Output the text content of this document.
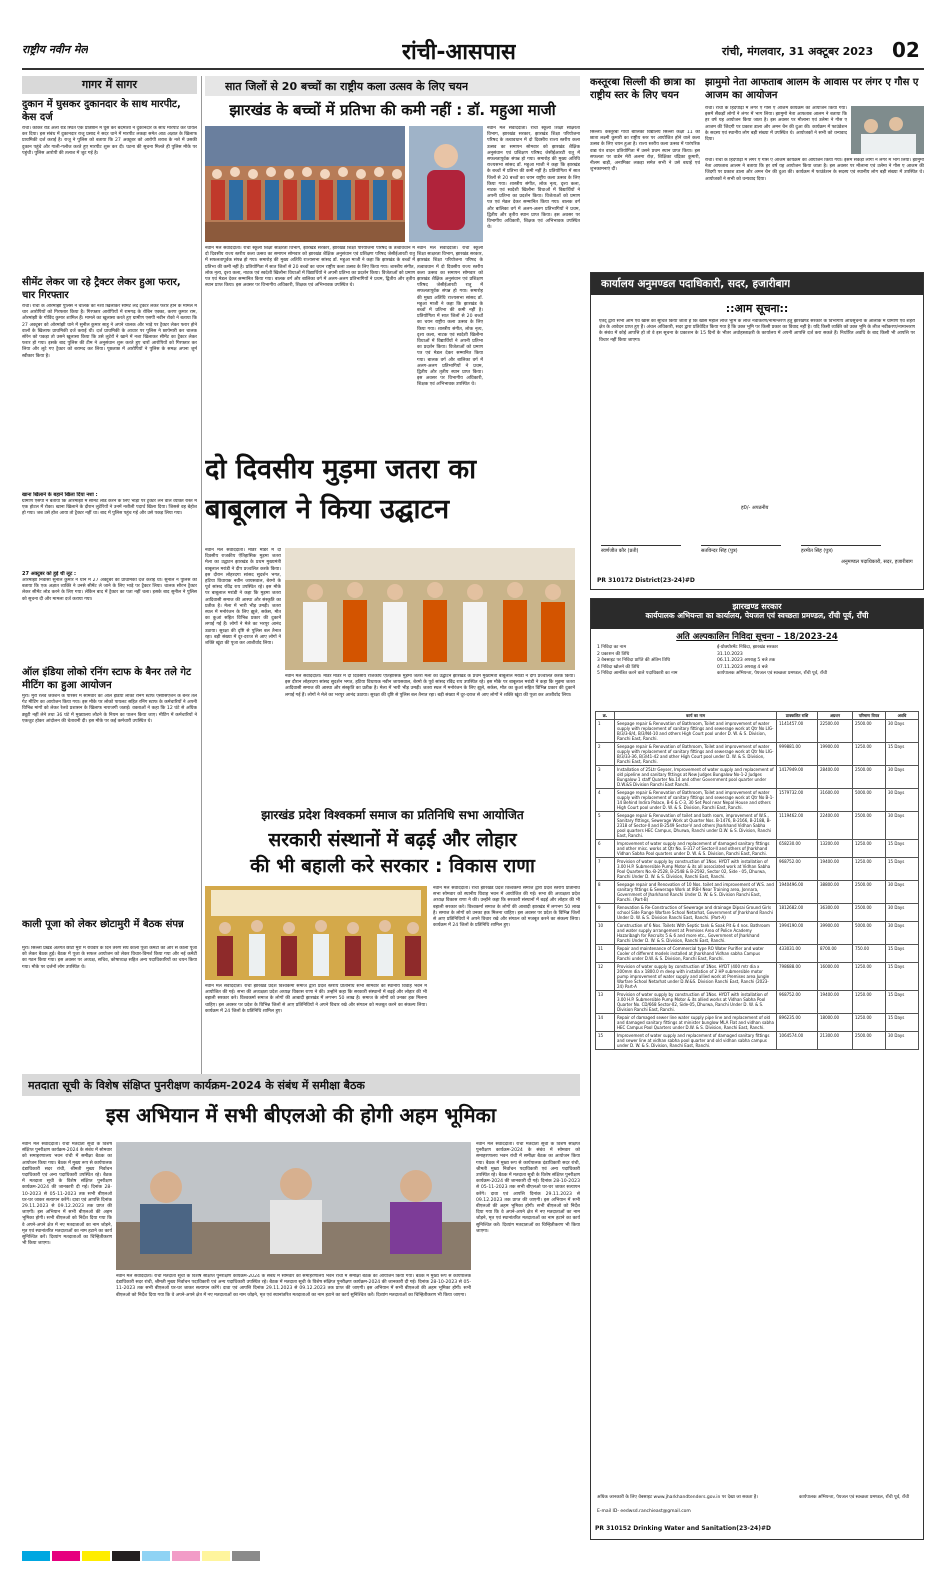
राष्ट्रीय नवीन मेल	रांची-आसपास	रांची, मंगलवार, 31 अक्टूबर 2023 02
गागर में सागर
दुकान में घुसकर दुकानदार के साथ मारपीट, केस दर्ज
रांची। कोकर रोड अली रोड स्थित एक प्रतिष्ठान में घुस कर बदमाशों ने दुकानदार के साथ मारपीट कर घायल कर दिया। इस संबंध में दुकानदार राजू प्रसाद ने सदर थाने में मारपीट लकड़ा समेत आठ अज्ञात के खिलाफ प्राथमिकी दर्ज कराई है। राजू ने पुलिस को बताया कि 27 अक्टूबर को आरोपी शराब के नशे में उसकी दुकान पहुंचे और गाली-गलौज करते हुए मारपीट शुरू कर दी। घटना की सूचना मिलते ही पुलिस मौके पर पहुंची। पुलिस आरोपी की तलाश में जुट गई है।
सीमेंट लेकर जा रहे ट्रैक्टर लेकर हुआ फरार, चार गिरफ्तार
रांची। रांची के ओरमांझी पुलिस ने चालक को नशा खिलाकर सीमेंट लदे ट्रैक्टर लेकर फरार होने के मामले में चार आरोपियों को गिरफ्तार किया है। गिरफ्तार आरोपियों में रामगढ़ के रोबिन एक्का, करण कुमार राम, ओरमांझी के गोविंद कुमार शामिल हैं। मामले का खुलासा करते हुए ग्रामीण एसपी नवीन रोको ने बताया कि 27 अक्टूबर को ओरमांझी थाने में सुनील कुमार साहू ने अपने चालक और भाड़े पर ट्रैक्टर लेकर फरार होने वालों के खिलाफ प्राथमिकी दर्ज कराई थी। दर्ज प्राथमिकी के आधार पर पुलिस ने छापेमारी कर चालक सोरेन को पकड़ा तो उसने खुलासा किया कि उसे लुटेरों ने खाने में नशा खिलाकर सीमेंट का ट्रैक्टर लेकर फरार हो गया। इसके बाद पुलिस की टीम ने अनुसंधान शुरू करते हुए चारों आरोपियों को गिरफ्तार कर लिया और लूटे गए ट्रैक्टर को बरामद कर लिया। पूछताछ में आरोपियों ने पुलिस के समक्ष अपना जुर्म स्वीकार किया है।
खाना खिलाने के बहाने खिला दिया नशा :
ग्रामीण एसपी ने बताया कि ओरमांझी में सीमेंट लोड करने के लिए भाड़ा पर ट्रैक्टर लेने वाले व्यक्ति रास्ते में एक होटल में रोका। खाना खिलाने के दौरान लुटेरियों ने उनमें नशीली पदार्थ खिला दिया। जिससे वह बेहोश हो गया। जब उसे होश आया तो ट्रैक्टर नहीं था। बाद में पुलिस पहुंच गई और उसे पकड़ लिया गया।
27 अक्टूबर को हुई थी लूट :
ओरमांझी निवासी सुनील कुमार ने थाने में 27 अक्टूबर को प्राथमिकी दर्ज कराई थी। सुनील ने पुलिस को बताया कि एक अज्ञात व्यक्ति ने उनसे सीमेंट ले जाने के लिए भाड़े पर ट्रैक्टर लिया। चालक सौरभ ट्रैक्टर लेकर सीमेंट लोड करने के लिए गया। लेकिन बाद में ट्रैक्टर का पता नहीं चला। इसके बाद सुनील ने पुलिस को सूचना दी और मामला दर्ज कराया गया।
ऑल इंडिया लोको रनिंग स्टाफ के बैनर तले गेट मीटिंग का हुआ आयोजन
मुरी। मुरी रेलवे जंक्शन के परिसर में सोमवार को ऑल इंडिया लोको रनिंग स्टाफ एसोसिएशन के बैनर तले गेट मीटिंग का आयोजन किया गया। इस मौके पर लोको पायलट सहित रनिंग स्टाफ के कर्मचारियों ने अपनी विभिन्न मांगों को लेकर रेलवे प्रशासन के खिलाफ नाराजगी जताई। वक्ताओं ने कहा कि 12 घंटे से अधिक ड्यूटी नहीं लेने तथा 36 घंटे में मुख्यालय लौटने के नियम का पालन किया जाए। मीटिंग में कर्मचारियों ने एकजुट होकर आंदोलन की चेतावनी दी। इस मौके पर कई कर्मचारी उपस्थित थे।
काली पूजा को लेकर छोटामुरी में बैठक संपन्न
मुरी। सिल्ली प्रखंड अंतर्गत छोटा मुरी में रविवार के दिन तरुण संघ काली पूजा कमेटी की ओर से काली पूजा को लेकर बैठक हुई। बैठक में पूजा के सफल आयोजन को लेकर विचार-विमर्श किया गया और नई कमेटी का गठन किया गया। इस अवसर पर अध्यक्ष, सचिव, कोषाध्यक्ष सहित अन्य पदाधिकारियों का चयन किया गया। मौके पर दर्जनों लोग उपस्थित थे।
सात जिलों से 20 बच्चों का राष्ट्रीय कला उत्सव के लिए चयन
झारखंड के बच्चों में प्रतिभा की कमी नहीं : डॉ. महुआ माजी
नवीन मेल संवाददाता। रांची स्कूली शिक्षा साक्षरता विभाग, झारखंड सरकार, झारखंड शिक्षा परियोजना परिषद के तत्वावधान में दो दिवसीय राज्य स्तरीय कला उत्सव का समापन सोमवार को झारखंड शैक्षिक अनुसंधान एवं प्रशिक्षण परिषद जेसीईआरटी रातू में सफलतापूर्वक संपन्न हो गया। समारोह की मुख्य अतिथि राज्यसभा सांसद डॉ. महुआ माजी ने कहा कि झारखंड के बच्चों में प्रतिभा की कमी नहीं है। प्रतियोगिता में सात जिलों से 20 बच्चों का चयन राष्ट्रीय कला उत्सव के लिए किया गया। शास्त्रीय संगीत, लोक नृत्य, दृश्य कला, नाटक एवं स्वदेशी खिलौना विधाओं में विद्यार्थियों ने अपनी प्रतिभा का प्रदर्शन किया। विजेताओं को प्रमाण पत्र एवं मेडल देकर सम्मानित किया गया। बालक वर्ग और बालिका वर्ग में अलग-अलग प्रतिभागियों ने प्रथम, द्वितीय और तृतीय स्थान प्राप्त किया। इस अवसर पर विभागीय अधिकारी, शिक्षक एवं अभिभावक उपस्थित थे।
नवीन मेल संवाददाता। रांची स्कूली शिक्षा साक्षरता विभाग, झारखंड सरकार, झारखंड शिक्षा परियोजना परिषद के तत्वावधान में दो दिवसीय राज्य स्तरीय कला उत्सव का समापन सोमवार को झारखंड शैक्षिक अनुसंधान एवं प्रशिक्षण परिषद जेसीईआरटी रातू में सफलतापूर्वक संपन्न हो गया। समारोह की मुख्य अतिथि राज्यसभा सांसद डॉ. महुआ माजी ने कहा कि झारखंड के बच्चों में प्रतिभा की कमी नहीं है। प्रतियोगिता में सात जिलों से 20 बच्चों का चयन राष्ट्रीय कला उत्सव के लिए किया गया। शास्त्रीय संगीत, लोक नृत्य, दृश्य कला, नाटक एवं स्वदेशी खिलौना विधाओं में विद्यार्थियों ने अपनी प्रतिभा का प्रदर्शन किया। विजेताओं को प्रमाण पत्र एवं मेडल देकर सम्मानित किया गया। बालक वर्ग और बालिका वर्ग में अलग-अलग प्रतिभागियों ने प्रथम, द्वितीय और तृतीय स्थान प्राप्त किया। इस अवसर पर विभागीय अधिकारी, शिक्षक एवं अभिभावक उपस्थित थे।
नवीन मेल संवाददाता। रांची स्कूली शिक्षा साक्षरता विभाग, झारखंड सरकार, झारखंड शिक्षा परियोजना परिषद के तत्वावधान में दो दिवसीय राज्य स्तरीय कला उत्सव का समापन सोमवार को झारखंड शैक्षिक अनुसंधान एवं प्रशिक्षण परिषद जेसीईआरटी रातू में सफलतापूर्वक संपन्न हो गया। समारोह की मुख्य अतिथि राज्यसभा सांसद डॉ. महुआ माजी ने कहा कि झारखंड के बच्चों में प्रतिभा की कमी नहीं है। प्रतियोगिता में सात जिलों से 20 बच्चों का चयन राष्ट्रीय कला उत्सव के लिए किया गया। शास्त्रीय संगीत, लोक नृत्य, दृश्य कला, नाटक एवं स्वदेशी खिलौना विधाओं में विद्यार्थियों ने अपनी प्रतिभा का प्रदर्शन किया। विजेताओं को प्रमाण पत्र एवं मेडल देकर सम्मानित किया गया। बालक वर्ग और बालिका वर्ग में अलग-अलग प्रतिभागियों ने प्रथम, द्वितीय और तृतीय स्थान प्राप्त किया। इस अवसर पर विभागीय अधिकारी, शिक्षक एवं अभिभावक उपस्थित थे।
कस्तूरबा सिल्ली की छात्रा का राष्ट्रीय स्तर के लिए चयन
सिल्ली। कस्तूरबा गांधी बालिका विद्यालय सिल्ली कक्षा 11 की छात्रा लक्ष्मी कुमारी का राष्ट्रीय स्तर पर आयोजित होने वाले कला उत्सव के लिए चयन हुआ है। राज्य स्तरीय कला उत्सव में पारंपरिक वाद्य यंत्र वादन प्रतियोगिता में उसने प्रथम स्थान प्राप्त किया। इस सफलता पर वार्डन मेरी अलमा रोज़, शिक्षिका चंद्रिका कुमारी, नीलम बाड़ी, अनामिका लकड़ा समेत सभी ने उसे बधाई एवं शुभकामनाएं दीं।
झामुमो नेता आफताब आलम के आवास पर लंगर ए गौस ए आजम का आयोजन
रांची। रांची के हिंदपीढ़ी में लंगर ए गौस ए आजम कार्यक्रम का आयोजन किया गया। इसमें सैंकड़ों लोगों ने लंगर में भाग लिया। झामुमो नेता आफताब आलम ने बताया कि हर वर्ष यह आयोजन किया जाता है। इस अवसर पर मौलाना एवं उलेमा ने गौस ए आजम की जिंदगी पर प्रकाश डाला और अमन चैन की दुआ की। कार्यक्रम में फाउंडेशन के सदस्य एवं स्थानीय लोग बड़ी संख्या में उपस्थित थे। आयोजकों ने सभी को धन्यवाद दिया।
रांची। रांची के हिंदपीढ़ी में लंगर ए गौस ए आजम कार्यक्रम का आयोजन किया गया। इसमें सैंकड़ों लोगों ने लंगर में भाग लिया। झामुमो नेता आफताब आलम ने बताया कि हर वर्ष यह आयोजन किया जाता है। इस अवसर पर मौलाना एवं उलेमा ने गौस ए आजम की जिंदगी पर प्रकाश डाला और अमन चैन की दुआ की। कार्यक्रम में फाउंडेशन के सदस्य एवं स्थानीय लोग बड़ी संख्या में उपस्थित थे। आयोजकों ने सभी को धन्यवाद दिया।
कार्यालय अनुमण्डल पदाधिकारी, सदर, हजारीबाग
::आम सूचना::
एतद् द्वारा सभी आम एवं खास को सूचित किया जाता है कि खास महाल लीज भूमि के लीज नवीकरण/नामान्तरण हेतु झारखण्ड सरकार के विभागीय अधिसूचना के आलोक में ग्रामीण एवं शहरी क्षेत्र के आवेदन प्राप्त हुए हैं। अंचल अधिकारी, सदर द्वारा प्रतिवेदित किया गया है कि उक्त भूमि पर किसी प्रकार का विवाद नहीं है। यदि किसी व्यक्ति को उक्त भूमि के लीज नवीकरण/नामान्तरण के संबंध में कोई आपत्ति हो तो वे इस सूचना के प्रकाशन के 15 दिनों के भीतर अधोहस्ताक्षरी के कार्यालय में अपनी आपत्ति दर्ज करा सकते हैं। निर्धारित अवधि के बाद किसी भी आपत्ति पर विचार नहीं किया जाएगा।
ह0/- अपठनीय
स्वर्णजीत कौर (प्रती)	सतविन्दर सिंह (पुत्र)	हरमीत सिंह (पुत्र)
अनुमण्डल पदाधिकारी, सदर, हजारीबाग
PR 310172 District(23-24)#D
दो दिवसीय मुड़मा जतरा का
बाबूलाल ने किया उद्घाटन
नवीन मेल संवाददाता। मांडर मांडर में दो दिवसीय राजकीय ऐतिहासिक मुड़मा जतरा मेला का उद्घाटन झारखंड के प्रथम मुख्यमंत्री बाबूलाल मरांडी ने दीप प्रज्वलित करके किया। इस दौरान लोहरदगा सांसद सुदर्शन भगत, हटिया विधायक नवीन जायसवाल, बेरमो के पूर्व सांसद रविंद्र राय उपस्थित रहे। इस मौके पर बाबूलाल मरांडी ने कहा कि मुड़मा जतरा आदिवासी समाज की आस्था और संस्कृति का प्रतीक है। मेला में भारी भीड़ उमड़ी। जतरा स्थल में मनोरंजन के लिए झूले, सर्कस, मौत का कुआं सहित विभिन्न प्रकार की दुकानें लगाई गई हैं। लोगों ने मेले का भरपूर आनंद उठाया। सुरक्षा की दृष्टि से पुलिस बल तैनात रहा। बड़ी संख्या में दूर-दराज से आए लोगों ने शक्ति खूंटा की पूजा कर आशीर्वाद लिया।
नवीन मेल संवाददाता। मांडर मांडर में दो दिवसीय राजकीय ऐतिहासिक मुड़मा जतरा मेला का उद्घाटन झारखंड के प्रथम मुख्यमंत्री बाबूलाल मरांडी ने दीप प्रज्वलित करके किया। इस दौरान लोहरदगा सांसद सुदर्शन भगत, हटिया विधायक नवीन जायसवाल, बेरमो के पूर्व सांसद रविंद्र राय उपस्थित रहे। इस मौके पर बाबूलाल मरांडी ने कहा कि मुड़मा जतरा आदिवासी समाज की आस्था और संस्कृति का प्रतीक है। मेला में भारी भीड़ उमड़ी। जतरा स्थल में मनोरंजन के लिए झूले, सर्कस, मौत का कुआं सहित विभिन्न प्रकार की दुकानें लगाई गई हैं। लोगों ने मेले का भरपूर आनंद उठाया। सुरक्षा की दृष्टि से पुलिस बल तैनात रहा। बड़ी संख्या में दूर-दराज से आए लोगों ने शक्ति खूंटा की पूजा कर आशीर्वाद लिया।
झारखंड प्रदेश विश्वकर्मा समाज का प्रतिनिधि सभा आयोजित
सरकारी संस्थानों में बढ़ई और लोहार
की भी बहाली करे सरकार : विकास राणा
नवीन मेल संवाददाता। रांची झारखंड प्रदेश विश्वकर्मा समाज द्वारा प्रदेश स्तरीय प्रतिनिधि सभा सोमवार को स्थानीय विवाह भवन में आयोजित की गई। सभा की अध्यक्षता प्रदेश अध्यक्ष विकास राणा ने की। उन्होंने कहा कि सरकारी संस्थानों में बढ़ई और लोहार की भी बहाली सरकार करे। विश्वकर्मा समाज के लोगों की आबादी झारखंड में लगभग 50 लाख है। समाज के लोगों को उनका हक मिलना चाहिए। इस अवसर पर प्रदेश के विभिन्न जिलों से आए प्रतिनिधियों ने अपने विचार रखे और संगठन को मजबूत करने का संकल्प लिया। कार्यक्रम में 24 जिलों के प्रतिनिधि शामिल हुए।
नवीन मेल संवाददाता। रांची झारखंड प्रदेश विश्वकर्मा समाज द्वारा प्रदेश स्तरीय प्रतिनिधि सभा सोमवार को स्थानीय विवाह भवन में आयोजित की गई। सभा की अध्यक्षता प्रदेश अध्यक्ष विकास राणा ने की। उन्होंने कहा कि सरकारी संस्थानों में बढ़ई और लोहार की भी बहाली सरकार करे। विश्वकर्मा समाज के लोगों की आबादी झारखंड में लगभग 50 लाख है। समाज के लोगों को उनका हक मिलना चाहिए। इस अवसर पर प्रदेश के विभिन्न जिलों से आए प्रतिनिधियों ने अपने विचार रखे और संगठन को मजबूत करने का संकल्प लिया। कार्यक्रम में 24 जिलों के प्रतिनिधि शामिल हुए।
मतदाता सूची के विशेष संक्षिप्त पुनरीक्षण कार्यक्रम-2024 के संबंध में समीक्षा बैठक
इस अभियान में सभी बीएलओ की होगी अहम भूमिका
नवीन मेल संवाददाता। रांची मतदाता सूची के विशेष संक्षिप्त पुनरीक्षण कार्यक्रम-2024 के संबंध में सोमवार को समाहरणालय भवन रांची में समीक्षा बैठक का आयोजन किया गया। बैठक में मुख्य रूप से कार्यपालक दंडाधिकारी सदर रांची, श्रीमती मुख्य निर्वाचन पदाधिकारी एवं अन्य पदाधिकारी उपस्थित रहे। बैठक में मतदाता सूची के विशेष संक्षिप्त पुनरीक्षण कार्यक्रम-2024 की जानकारी दी गई। दिनांक 28-10-2023 से 05-11-2023 तक सभी बीएलओ घर-घर जाकर सत्यापन करेंगे। दावा एवं आपत्ति दिनांक 29.11.2023 से 09.12.2023 तक प्राप्त की जाएगी। इस अभियान में सभी बीएलओ की अहम भूमिका होगी। सभी बीएलओ को निर्देश दिया गया कि वे अपने-अपने क्षेत्र में नए मतदाताओं का नाम जोड़ने, मृत एवं स्थानांतरित मतदाताओं का नाम हटाने का कार्य सुनिश्चित करें। दिव्यांग मतदाताओं का चिन्हितीकरण भी किया जाएगा।
नवीन मेल संवाददाता। रांची मतदाता सूची के विशेष संक्षिप्त पुनरीक्षण कार्यक्रम-2024 के संबंध में सोमवार को समाहरणालय भवन रांची में समीक्षा बैठक का आयोजन किया गया। बैठक में मुख्य रूप से कार्यपालक दंडाधिकारी सदर रांची, श्रीमती मुख्य निर्वाचन पदाधिकारी एवं अन्य पदाधिकारी उपस्थित रहे। बैठक में मतदाता सूची के विशेष संक्षिप्त पुनरीक्षण कार्यक्रम-2024 की जानकारी दी गई। दिनांक 28-10-2023 से 05-11-2023 तक सभी बीएलओ घर-घर जाकर सत्यापन करेंगे। दावा एवं आपत्ति दिनांक 29.11.2023 से 09.12.2023 तक प्राप्त की जाएगी। इस अभियान में सभी बीएलओ की अहम भूमिका होगी। सभी बीएलओ को निर्देश दिया गया कि वे अपने-अपने क्षेत्र में नए मतदाताओं का नाम जोड़ने, मृत एवं स्थानांतरित मतदाताओं का नाम हटाने का कार्य सुनिश्चित करें। दिव्यांग मतदाताओं का चिन्हितीकरण भी किया जाएगा।
नवीन मेल संवाददाता। रांची मतदाता सूची के विशेष संक्षिप्त पुनरीक्षण कार्यक्रम-2024 के संबंध में सोमवार को समाहरणालय भवन रांची में समीक्षा बैठक का आयोजन किया गया। बैठक में मुख्य रूप से कार्यपालक दंडाधिकारी सदर रांची, श्रीमती मुख्य निर्वाचन पदाधिकारी एवं अन्य पदाधिकारी उपस्थित रहे। बैठक में मतदाता सूची के विशेष संक्षिप्त पुनरीक्षण कार्यक्रम-2024 की जानकारी दी गई। दिनांक 28-10-2023 से 05-11-2023 तक सभी बीएलओ घर-घर जाकर सत्यापन करेंगे। दावा एवं आपत्ति दिनांक 29.11.2023 से 09.12.2023 तक प्राप्त की जाएगी। इस अभियान में सभी बीएलओ की अहम भूमिका होगी। सभी बीएलओ को निर्देश दिया गया कि वे अपने-अपने क्षेत्र में नए मतदाताओं का नाम जोड़ने, मृत एवं स्थानांतरित मतदाताओं का नाम हटाने का कार्य सुनिश्चित करें। दिव्यांग मतदाताओं का चिन्हितीकरण भी किया जाएगा।
झारखण्ड सरकार
कार्यपालक अभियन्ता का कार्यालय, पेयजल एवं स्वच्छता प्रमण्डल, राँची पूर्व, राँची
अति अल्पकालिन निविदा सूचना – 18/2023-24
1 निविदा का नाम	ई-प्रोक्योरमेंट निविदा, झारखंड सरकार
2 प्रकाशन की तिथि	31.10.2023
3 वेबसाइट पर निविदा प्राप्ति की अंतिम तिथि	06.11.2023 अपराह्न 5 बजे तक
4 निविदा खोलने की तिथि	07.11.2023 अपराह्न 4 बजे
5 निविदा आमंत्रित करने वाले पदाधिकारी का नाम	कार्यपालक अभियन्ता, पेयजल एवं स्वच्छता प्रमण्डल, राँची पूर्व, राँची
क्र.	कार्य का नाम	प्राक्कलित राशि	अग्रधन	परिमाण विपत्र	अवधि
1	Seepage repair & Renovation of Bathroom, Toilet and improvement of water supply with replacement of sanitary fittings and sewerage work at Qtr No LIG-B/3/3-8/4, B/3/N4-10 and others High Court pool under D. W. & S. Division, Ranchi East, Ranchi.	1141457.00	22500.00	2500.00	30 Days
2	Seepage repair & Renovation of Bathroom, Toilet and improvement of water supply with replacement of sanitary fittings and sewerage work at Qtr No LIG-B/3/33-36, B/3/41-42 and other High Court pool under D. W. & S. Division, Ranchi East, Ranchi.	999881.00	19900.00	1250.00	15 Days
3	Installation of 25Ltr Geyser, Improvement of water supply and replacement of old pipeline and sanitary fittings at New Judges Bungalow No-1-2 Judges Bungalow 1 staff Quarter No.14 and other Government pool quarter under D.W.&S Division Ranchi East Ranchi.	1417949.00	28400.00	2500.00	30 Days
4	Seepage repair & Renovation of Bathroom, Toilet and improvement of water supply with replacement of sanitary fittings and sewerage work at Qtr No B-1-14 Behind Indira Palace, B-6 & C-3, 30 Set Pool near Nepal House and others High Court pool under D. W. & S. Division, Ranchi East, Ranchi.	1579732.00	31600.00	5000.00	30 Days
5	Seepage repair & Renovation of toilet and bath room, improvement of W.S., Sanitary fittings, Sewerage Work at Quarter Nos. B-1476, B-2166, B-2188, B-2318 of Sector-II and B-2549 Sector-V and others Jharkhand Vidhan Sabha pool quarters HEC Campus, Dhurwa, Ranchi under D.W. & S. Division, Ranchi East, Ranchi.	1119462.00	22400.00	2500.00	30 Days
6	Improvement of water supply and replacement of damaged sanitary fittings and other misc. works at Qtr No. E-317 of Sector-II and others of Jharkhand Vidhan Sabha Pool quarters under D. W. & S. Division, Ranchi East, Ranchi.	658230.00	13200.00	1250.00	15 Days
7	Provision of water supply by construction of 1Nos. HYDT with installation of 3.00 H.P. Submersible Pump Motor & its all associated work at Vidhan Sabha Pool Quarters No.-B-2528, B-2548 & B-2592, Sector 02, Side - 05, Dhurwa, Ranchi Under D. W. & S. Division, Ranchi East, Ranchi.	968752.00	19400.00	1250.00	15 Days
8	Seepage repair and Renovation of 10 Nos. toilet and improvement of W.S. and sanitary fittings & Sewerage Work at IRB-I Near Training area, Jonnara, Government of Jharkhand Ranchi Under D. W. & S. Division Ranchi East, Ranchi. (Part-B)	1940496.00	38800.00	2500.00	30 Days
9	Renovation & Re-Construction of Sewerage and drainage Dipsai Ground Girls school Side Range Warfare School Netarhat, Government of Jharkhand Ranchi Under D. W. & S. Division Ranchi East, Ranchi. (Part-A)	1812682.00	36300.00	2500.00	30 Days
10	Construction of 6 Nos. Toilets With Septic tank & Soak Pit & 4 nos. Bathroom and water supply arrangement at Premises Area of Police Academy Hazaribagh for Recruits 5 & 6 and more etc., Government of Jharkhand Ranchi Under D. W. & S. Division, Ranchi East, Ranchi.	1994190.00	39900.00	5000.00	30 Days
11	Repair and maintenance of Commercial type RO Water Purifier and water Cooler of different models installed at Jharkhand Vidhan sabha Campus Ranchi under D.W. & S. Division, Ranchi East, Ranchi.	433031.00	8700.00	750.00	15 Days
12	Provision of water supply by construction of 1Nos. HYDT (400 mtr dia x 200mm dia x 1800.0 m deep with installation of 2 HP submersible motor pump improvement of water supply and allied work at Premises area Jungle Warfare School Netarhat under D.W.&S. Division Ranchi East, Ranchi (2023-24) Part-A	798688.00	16000.00	1250.00	15 Days
13	Provision of water supply by construction of 1Nos. HYDT with installation of 3.00 H.P. Submersible Pump Motor & its allied works at Vidhan Sabha Pool Quarter No. CD/668 Sector-02, Side-05, Dhurwa, Ranchi Under D. W. & S. Division Ranchi East, Ranchi.	968752.00	19400.00	1250.00	15 Days
14	Repair of damaged sewer line water supply pipe line and replacement of old and damaged sanitary fittings at minister bunglow MLA Flat and vidhan sabha HEC Campus Pool Quarters under D.W. & S. Division, Ranchi East, Ranchi.	896235.00	18000.00	1250.00	15 Days
15	Improvement of water supply and replacement of damaged sanitary fittings and sewer line at vidhan sabha pool quarter and old vidhan sabha campus under D. W. & S. Division, Ranchi East, Ranchi.	1064574.00	21300.00	2500.00	30 Days
अधिक जानकारी के लिए वेबसाइट www.jharkhandtenders.gov.in पर देखा जा सकता है।
E-mail ID- eedwsd.ranchieast@gmail.com
कार्यपालक अभियन्ता, पेयजल एवं स्वच्छता प्रमण्डल, राँची पूर्व, राँची
PR 310152 Drinking Water and Sanitation(23-24)#D
